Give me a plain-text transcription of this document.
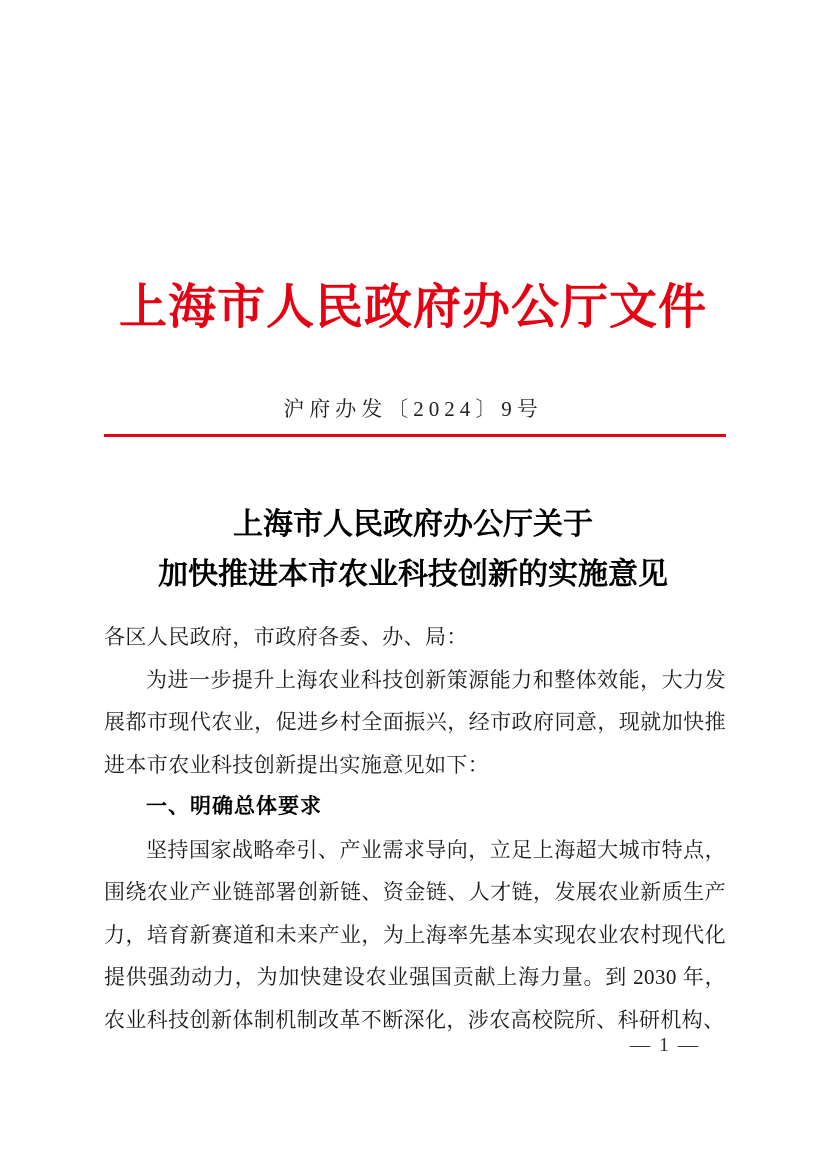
上海市人民政府办公厅文件
沪府办发〔2024〕9号
上海市人民政府办公厅关于
加快推进本市农业科技创新的实施意见

各区人民政府，市政府各委、办、局：

为进一步提升上海农业科技创新策源能力和整体效能，大力发展都市现代农业，促进乡村全面振兴，经市政府同意，现就加快推进本市农业科技创新提出实施意见如下：

一、明确总体要求

坚持国家战略牵引、产业需求导向，立足上海超大城市特点，围绕农业产业链部署创新链、资金链、人才链，发展农业新质生产力，培育新赛道和未来产业，为上海率先基本实现农业农村现代化提供强劲动力，为加快建设农业强国贡献上海力量。到 2030 年，农业科技创新体制机制改革不断深化，涉农高校院所、科研机构、

— 1 —
